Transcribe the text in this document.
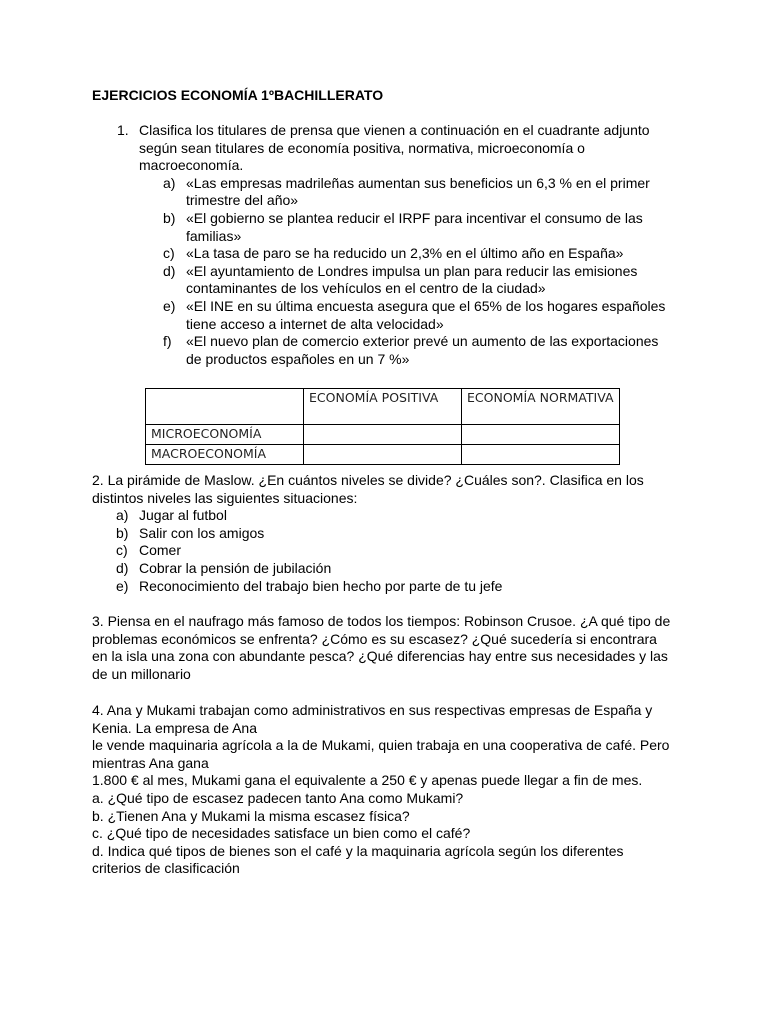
EJERCICIOS ECONOMÍA 1ºBACHILLERATO
1. Clasifica los titulares de prensa que vienen a continuación en el cuadrante adjunto según sean titulares de economía positiva, normativa, microeconomía o macroeconomía.

a) «Las empresas madrileñas aumentan sus beneficios un 6,3 % en el primer trimestre del año»
b) «El gobierno se plantea reducir el IRPF para incentivar el consumo de las familias»
c) «La tasa de paro se ha reducido un 2,3% en el último año en España»
d) «El ayuntamiento de Londres impulsa un plan para reducir las emisiones contaminantes de los vehículos en el centro de la ciudad»
e) «El INE en su última encuesta asegura que el 65% de los hogares españoles tiene acceso a internet de alta velocidad»
f) «El nuevo plan de comercio exterior prevé un aumento de las exportaciones de productos españoles en un 7 %»
	ECONOMÍA POSITIVA	ECONOMÍA NORMATIVA
MICROECONOMÍA		
MACROECONOMÍA		

2. La pirámide de Maslow. ¿En cuántos niveles se divide? ¿Cuáles son?. Clasifica en los distintos niveles las siguientes situaciones:

a) Jugar al futbol
b) Salir con los amigos
c) Comer
d) Cobrar la pensión de jubilación
e) Reconocimiento del trabajo bien hecho por parte de tu jefe

3. Piensa en el naufrago más famoso de todos los tiempos: Robinson Crusoe. ¿A qué tipo de problemas económicos se enfrenta? ¿Cómo es su escasez? ¿Qué sucedería si encontrara en la isla una zona con abundante pesca? ¿Qué diferencias hay entre sus necesidades y las de un millonario

4. Ana y Mukami trabajan como administrativos en sus respectivas empresas de España y Kenia. La empresa de Ana

le vende maquinaria agrícola a la de Mukami, quien trabaja en una cooperativa de café. Pero mientras Ana gana

1.800 € al mes, Mukami gana el equivalente a 250 € y apenas puede llegar a fin de mes.

a. ¿Qué tipo de escasez padecen tanto Ana como Mukami?

b. ¿Tienen Ana y Mukami la misma escasez física?

c. ¿Qué tipo de necesidades satisface un bien como el café?

d. Indica qué tipos de bienes son el café y la maquinaria agrícola según los diferentes criterios de clasificación
